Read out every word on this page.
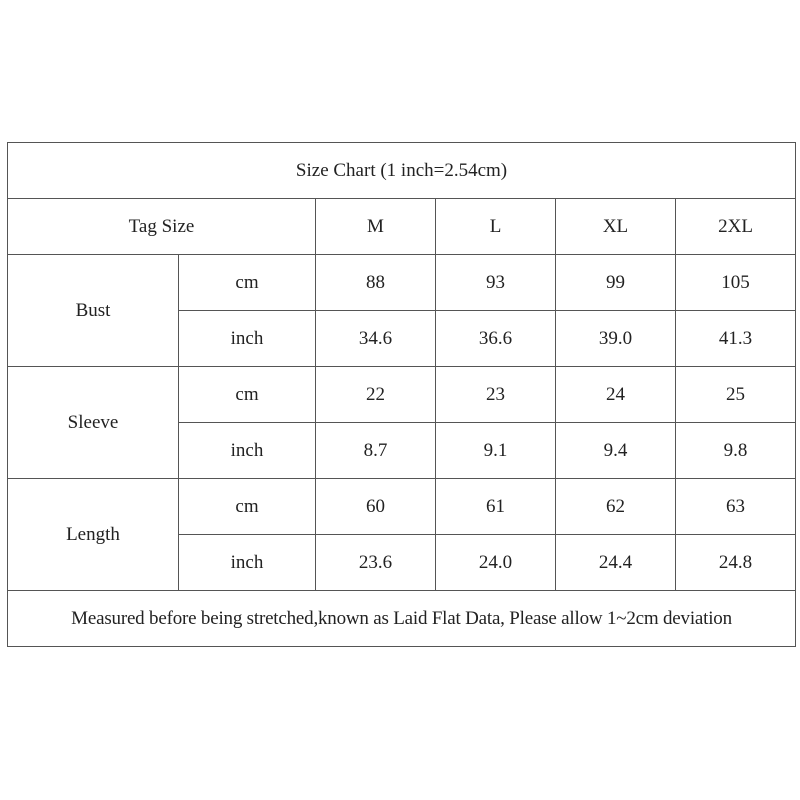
Size Chart (1 inch=2.54cm)					
Tag Size		M	L	XL	2XL
Bust	cm	88	93	99	105
	inch	34.6	36.6	39.0	41.3
Sleeve	cm	22	23	24	25
	inch	8.7	9.1	9.4	9.8
Length	cm	60	61	62	63
	inch	23.6	24.0	24.4	24.8
Measured before being stretched,known as Laid Flat Data, Please allow 1~2cm deviation					
